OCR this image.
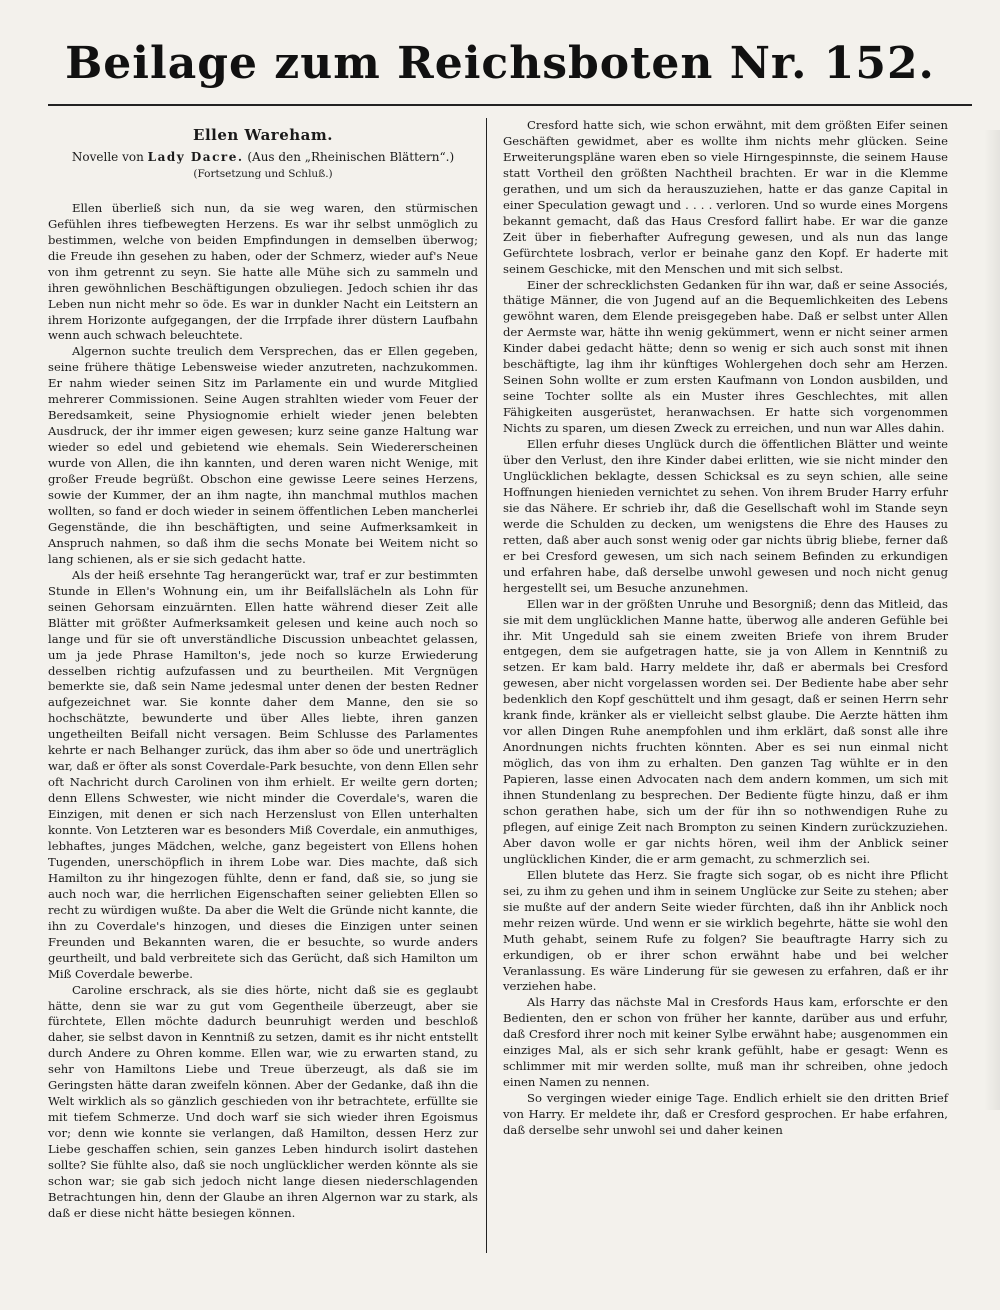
Beilage zum Reichsboten Nr. 152.
Ellen Wareham.
Novelle von Lady Dacre. (Aus den „Rheinischen Blättern“.)
(Fortsetzung und Schluß.)

Ellen überließ sich nun, da sie weg waren, den stürmischen Gefühlen ihres tiefbewegten Herzens. Es war ihr selbst unmöglich zu bestimmen, welche von beiden Empfindungen in demselben überwog; die Freude ihn gesehen zu haben, oder der Schmerz, wieder auf's Neue von ihm getrennt zu seyn. Sie hatte alle Mühe sich zu sammeln und ihren gewöhnlichen Beschäftigungen obzuliegen. Jedoch schien ihr das Leben nun nicht mehr so öde. Es war in dunkler Nacht ein Leitstern an ihrem Horizonte aufgegangen, der die Irrpfade ihrer düstern Laufbahn wenn auch schwach beleuchtete.

Algernon suchte treulich dem Versprechen, das er Ellen gegeben, seine frühere thätige Lebensweise wieder anzutreten, nachzukommen. Er nahm wieder seinen Sitz im Parlamente ein und wurde Mitglied mehrerer Commissionen. Seine Augen strahlten wieder vom Feuer der Beredsamkeit, seine Physiognomie erhielt wieder jenen belebten Ausdruck, der ihr immer eigen gewesen; kurz seine ganze Haltung war wieder so edel und gebietend wie ehemals. Sein Wiedererscheinen wurde von Allen, die ihn kannten, und deren waren nicht Wenige, mit großer Freude begrüßt. Obschon eine gewisse Leere seines Herzens, sowie der Kummer, der an ihm nagte, ihn manchmal muthlos machen wollten, so fand er doch wieder in seinem öffentlichen Leben mancherlei Gegenstände, die ihn beschäftigten, und seine Aufmerksamkeit in Anspruch nahmen, so daß ihm die sechs Monate bei Weitem nicht so lang schienen, als er sie sich gedacht hatte.

Als der heiß ersehnte Tag herangerückt war, traf er zur bestimmten Stunde in Ellen's Wohnung ein, um ihr Beifallslächeln als Lohn für seinen Gehorsam einzuärnten. Ellen hatte während dieser Zeit alle Blätter mit größter Aufmerksamkeit gelesen und keine auch noch so lange und für sie oft unverständliche Discussion unbeachtet gelassen, um ja jede Phrase Hamilton's, jede noch so kurze Erwiederung desselben richtig aufzufassen und zu beurtheilen. Mit Vergnügen bemerkte sie, daß sein Name jedesmal unter denen der besten Redner aufgezeichnet war. Sie konnte daher dem Manne, den sie so hochschätzte, bewunderte und über Alles liebte, ihren ganzen ungetheilten Beifall nicht versagen. Beim Schlusse des Parlamentes kehrte er nach Belhanger zurück, das ihm aber so öde und unerträglich war, daß er öfter als sonst Coverdale-Park besuchte, von denn Ellen sehr oft Nachricht durch Carolinen von ihm erhielt. Er weilte gern dorten; denn Ellens Schwester, wie nicht minder die Coverdale's, waren die Einzigen, mit denen er sich nach Herzenslust von Ellen unterhalten konnte. Von Letzteren war es besonders Miß Coverdale, ein anmuthiges, lebhaftes, junges Mädchen, welche, ganz begeistert von Ellens hohen Tugenden, unerschöpflich in ihrem Lobe war. Dies machte, daß sich Hamilton zu ihr hingezogen fühlte, denn er fand, daß sie, so jung sie auch noch war, die herrlichen Eigenschaften seiner geliebten Ellen so recht zu würdigen wußte. Da aber die Welt die Gründe nicht kannte, die ihn zu Coverdale's hinzogen, und dieses die Einzigen unter seinen Freunden und Bekannten waren, die er besuchte, so wurde anders geurtheilt, und bald verbreitete sich das Gerücht, daß sich Hamilton um Miß Coverdale bewerbe.

Caroline erschrack, als sie dies hörte, nicht daß sie es geglaubt hätte, denn sie war zu gut vom Gegentheile überzeugt, aber sie fürchtete, Ellen möchte dadurch beunruhigt werden und beschloß daher, sie selbst davon in Kenntniß zu setzen, damit es ihr nicht entstellt durch Andere zu Ohren komme. Ellen war, wie zu erwarten stand, zu sehr von Hamiltons Liebe und Treue überzeugt, als daß sie im Geringsten hätte daran zweifeln können. Aber der Gedanke, daß ihn die Welt wirklich als so gänzlich geschieden von ihr betrachtete, erfüllte sie mit tiefem Schmerze. Und doch warf sie sich wieder ihren Egoismus vor; denn wie konnte sie verlangen, daß Hamilton, dessen Herz zur Liebe geschaffen schien, sein ganzes Leben hindurch isolirt dastehen sollte? Sie fühlte also, daß sie noch unglücklicher werden könnte als sie schon war; sie gab sich jedoch nicht lange diesen niederschlagenden Betrachtungen hin, denn der Glaube an ihren Algernon war zu stark, als daß er diese nicht hätte besiegen können.

Cresford hatte sich, wie schon erwähnt, mit dem größten Eifer seinen Geschäften gewidmet, aber es wollte ihm nichts mehr glücken. Seine Erweiterungspläne waren eben so viele Hirngespinnste, die seinem Hause statt Vortheil den größten Nachtheil brachten. Er war in die Klemme gerathen, und um sich da herauszuziehen, hatte er das ganze Capital in einer Speculation gewagt und . . . . verloren. Und so wurde eines Morgens bekannt gemacht, daß das Haus Cresford fallirt habe. Er war die ganze Zeit über in fieberhafter Aufregung gewesen, und als nun das lange Gefürchtete losbrach, verlor er beinahe ganz den Kopf. Er haderte mit seinem Geschicke, mit den Menschen und mit sich selbst.

Einer der schrecklichsten Gedanken für ihn war, daß er seine Associés, thätige Männer, die von Jugend auf an die Bequemlichkeiten des Lebens gewöhnt waren, dem Elende preisgegeben habe. Daß er selbst unter Allen der Aermste war, hätte ihn wenig gekümmert, wenn er nicht seiner armen Kinder dabei gedacht hätte; denn so wenig er sich auch sonst mit ihnen beschäftigte, lag ihm ihr künftiges Wohlergehen doch sehr am Herzen. Seinen Sohn wollte er zum ersten Kaufmann von London ausbilden, und seine Tochter sollte als ein Muster ihres Geschlechtes, mit allen Fähigkeiten ausgerüstet, heranwachsen. Er hatte sich vorgenommen Nichts zu sparen, um diesen Zweck zu erreichen, und nun war Alles dahin.

Ellen erfuhr dieses Unglück durch die öffentlichen Blätter und weinte über den Verlust, den ihre Kinder dabei erlitten, wie sie nicht minder den Unglücklichen beklagte, dessen Schicksal es zu seyn schien, alle seine Hoffnungen hienieden vernichtet zu sehen. Von ihrem Bruder Harry erfuhr sie das Nähere. Er schrieb ihr, daß die Gesellschaft wohl im Stande seyn werde die Schulden zu decken, um wenigstens die Ehre des Hauses zu retten, daß aber auch sonst wenig oder gar nichts übrig bliebe, ferner daß er bei Cresford gewesen, um sich nach seinem Befinden zu erkundigen und erfahren habe, daß derselbe unwohl gewesen und noch nicht genug hergestellt sei, um Besuche anzunehmen.

Ellen war in der größten Unruhe und Besorgniß; denn das Mitleid, das sie mit dem unglücklichen Manne hatte, überwog alle anderen Gefühle bei ihr. Mit Ungeduld sah sie einem zweiten Briefe von ihrem Bruder entgegen, dem sie aufgetragen hatte, sie ja von Allem in Kenntniß zu setzen. Er kam bald. Harry meldete ihr, daß er abermals bei Cresford gewesen, aber nicht vorgelassen worden sei. Der Bediente habe aber sehr bedenklich den Kopf geschüttelt und ihm gesagt, daß er seinen Herrn sehr krank finde, kränker als er vielleicht selbst glaube. Die Aerzte hätten ihm vor allen Dingen Ruhe anempfohlen und ihm erklärt, daß sonst alle ihre Anordnungen nichts fruchten könnten. Aber es sei nun einmal nicht möglich, das von ihm zu erhalten. Den ganzen Tag wühlte er in den Papieren, lasse einen Advocaten nach dem andern kommen, um sich mit ihnen Stundenlang zu besprechen. Der Bediente fügte hinzu, daß er ihm schon gerathen habe, sich um der für ihn so nothwendigen Ruhe zu pflegen, auf einige Zeit nach Brompton zu seinen Kindern zurückzuziehen. Aber davon wolle er gar nichts hören, weil ihm der Anblick seiner unglücklichen Kinder, die er arm gemacht, zu schmerzlich sei.

Ellen blutete das Herz. Sie fragte sich sogar, ob es nicht ihre Pflicht sei, zu ihm zu gehen und ihm in seinem Unglücke zur Seite zu stehen; aber sie mußte auf der andern Seite wieder fürchten, daß ihn ihr Anblick noch mehr reizen würde. Und wenn er sie wirklich begehrte, hätte sie wohl den Muth gehabt, seinem Rufe zu folgen? Sie beauftragte Harry sich zu erkundigen, ob er ihrer schon erwähnt habe und bei welcher Veranlassung. Es wäre Linderung für sie gewesen zu erfahren, daß er ihr verziehen habe.

Als Harry das nächste Mal in Cresfords Haus kam, erforschte er den Bedienten, den er schon von früher her kannte, darüber aus und erfuhr, daß Cresford ihrer noch mit keiner Sylbe erwähnt habe; ausgenommen ein einziges Mal, als er sich sehr krank gefühlt, habe er gesagt: Wenn es schlimmer mit mir werden sollte, muß man ihr schreiben, ohne jedoch einen Namen zu nennen.

So vergingen wieder einige Tage. Endlich erhielt sie den dritten Brief von Harry. Er meldete ihr, daß er Cresford gesprochen. Er habe erfahren, daß derselbe sehr unwohl sei und daher keinen
